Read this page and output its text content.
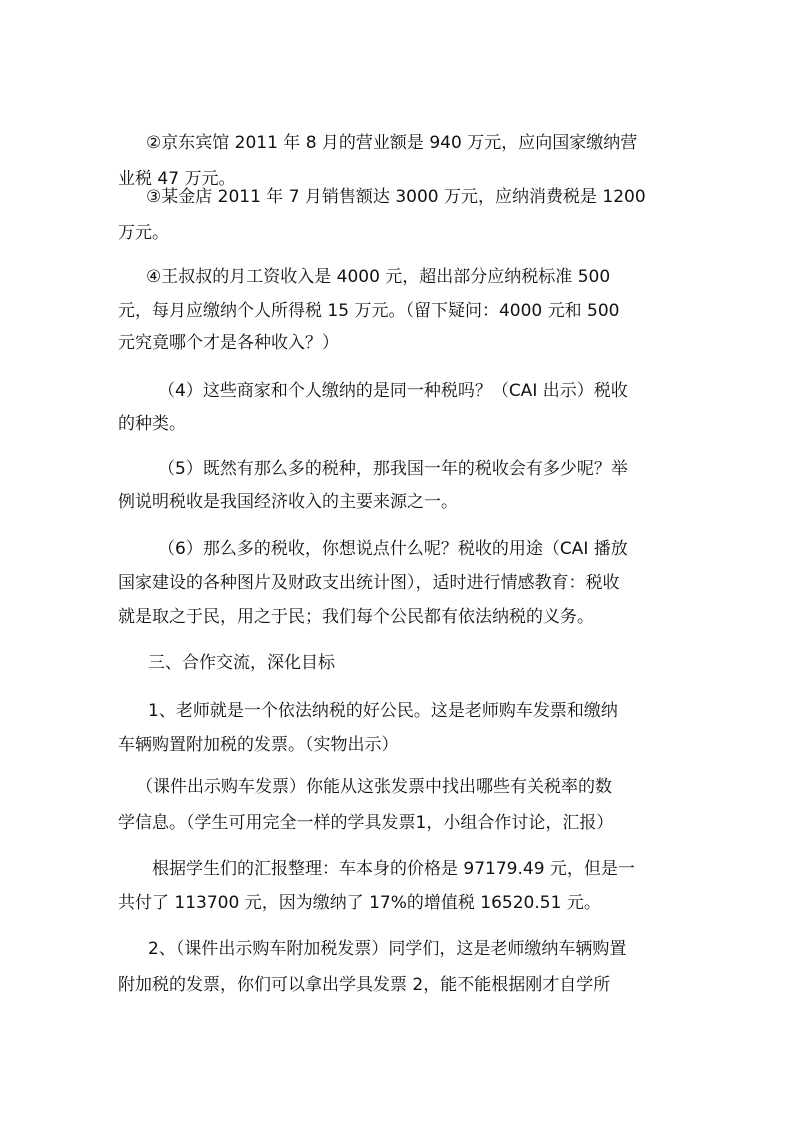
②京东宾馆 2011 年 8 月的营业额是 940 万元，应向国家缴纳营
业税 47 万元。
③某金店 2011 年 7 月销售额达 3000 万元，应纳消费税是 1200
万元。
④王叔叔的月工资收入是 4000 元，超出部分应纳税标准 500
元，每月应缴纳个人所得税 15 万元。（留下疑问：4000 元和 500
元究竟哪个才是各种收入？）
（4）这些商家和个人缴纳的是同一种税吗？（CAI 出示）税收
的种类。
（5）既然有那么多的税种，那我国一年的税收会有多少呢？举
例说明税收是我国经济收入的主要来源之一。
（6）那么多的税收，你想说点什么呢？税收的用途（CAI 播放
国家建设的各种图片及财政支出统计图），适时进行情感教育：税收
就是取之于民，用之于民；我们每个公民都有依法纳税的义务。
三、合作交流，深化目标
1、老师就是一个依法纳税的好公民。这是老师购车发票和缴纳
车辆购置附加税的发票。（实物出示）
（课件出示购车发票）你能从这张发票中找出哪些有关税率的数
学信息。（学生可用完全一样的学具发票1，小组合作讨论，汇报）
根据学生们的汇报整理：车本身的价格是 97179.49 元，但是一
共付了 113700 元，因为缴纳了 17%的增值税 16520.51 元。
2、（课件出示购车附加税发票）同学们，这是老师缴纳车辆购置
附加税的发票，你们可以拿出学具发票 2，能不能根据刚才自学所
